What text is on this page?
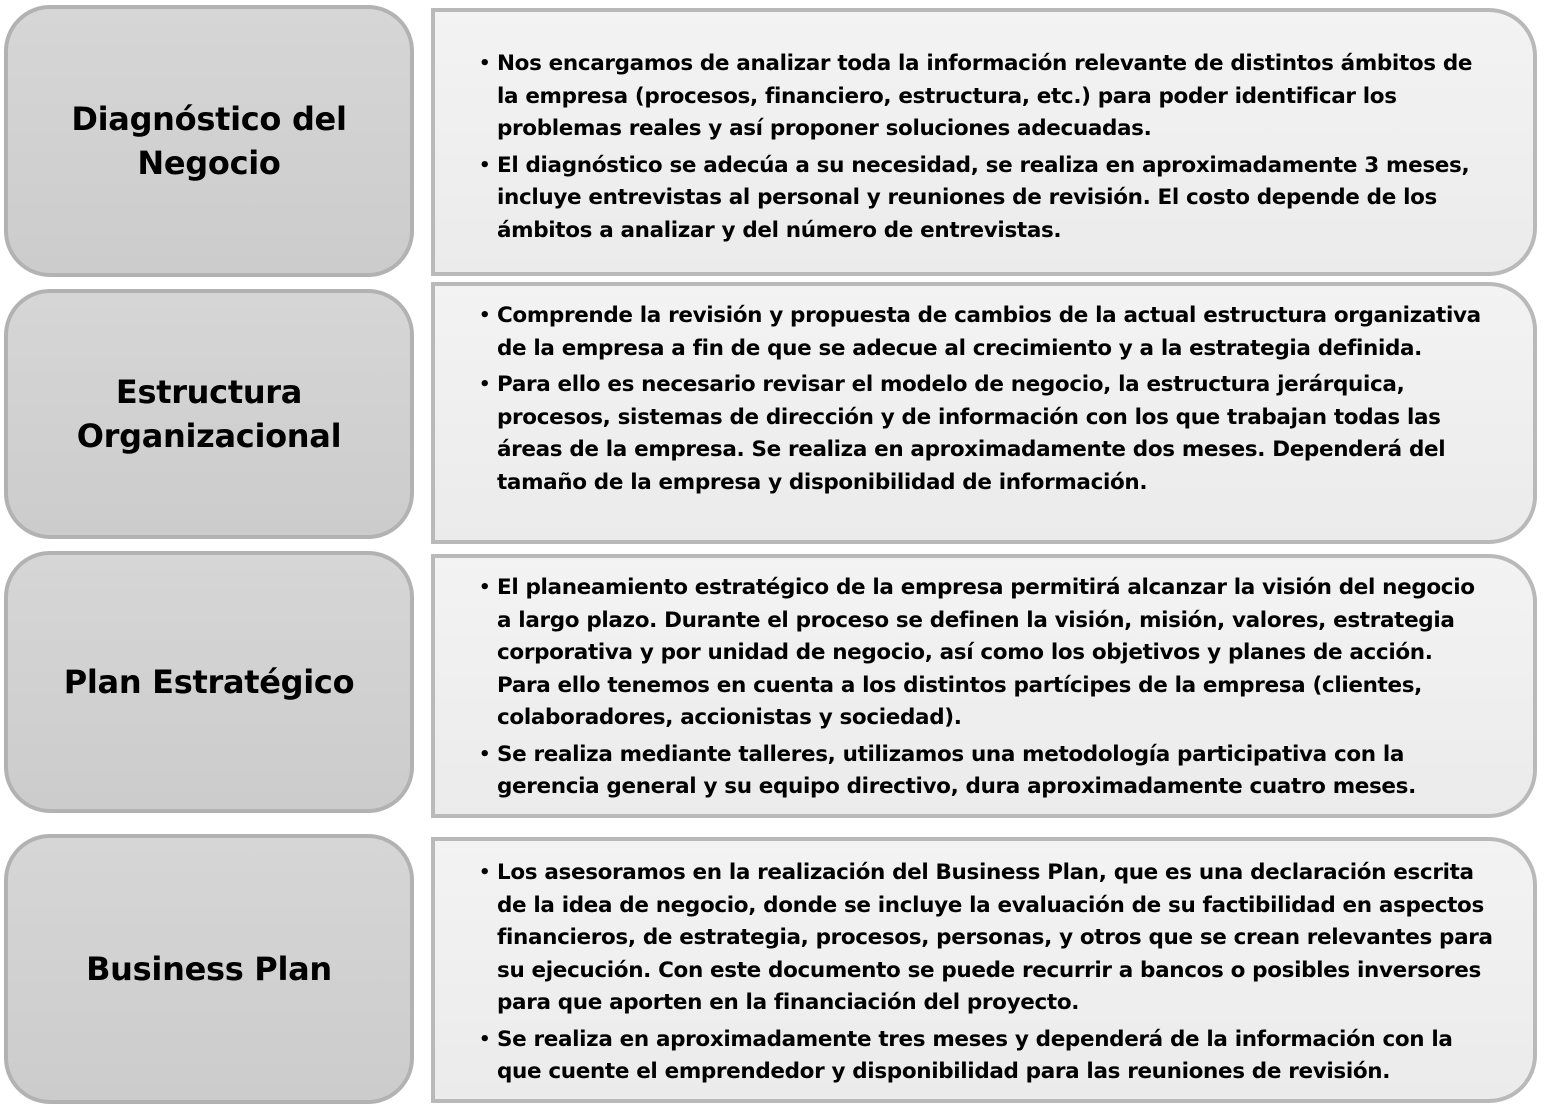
Diagnóstico del
Negocio
• Nos encargamos de analizar toda la información relevante de distintos ámbitos de la empresa (procesos, financiero, estructura, etc.) para poder identificar los problemas reales y así proponer soluciones adecuadas.
• El diagnóstico se adecúa a su necesidad, se realiza en aproximadamente 3 meses, incluye entrevistas al personal y reuniones de revisión. El costo depende de los ámbitos a analizar y del número de entrevistas.
Estructura
Organizacional
• Comprende la revisión y propuesta de cambios de la actual estructura organizativa de la empresa a fin de que se adecue al crecimiento y a la estrategia definida.
• Para ello es necesario revisar el modelo de negocio, la estructura jerárquica, procesos, sistemas de dirección y de información con los que trabajan todas las áreas de la empresa. Se realiza en aproximadamente dos meses. Dependerá del tamaño de la empresa y disponibilidad de información.
Plan Estratégico
• El planeamiento estratégico de la empresa permitirá alcanzar la visión del negocio a largo plazo. Durante el proceso se definen la visión, misión, valores, estrategia corporativa y por unidad de negocio, así como los objetivos y planes de acción. Para ello tenemos en cuenta a los distintos partícipes de la empresa (clientes, colaboradores, accionistas y sociedad).
• Se realiza mediante talleres, utilizamos una metodología participativa con la gerencia general y su equipo directivo, dura aproximadamente cuatro meses.
Business Plan
• Los asesoramos en la realización del Business Plan, que es una declaración escrita de la idea de negocio, donde se incluye la evaluación de su factibilidad en aspectos financieros, de estrategia, procesos, personas, y otros que se crean relevantes para su ejecución. Con este documento se puede recurrir a bancos o posibles inversores para que aporten en la financiación del proyecto.
• Se realiza en aproximadamente tres meses y dependerá de la información con la que cuente el emprendedor y disponibilidad para las reuniones de revisión.
